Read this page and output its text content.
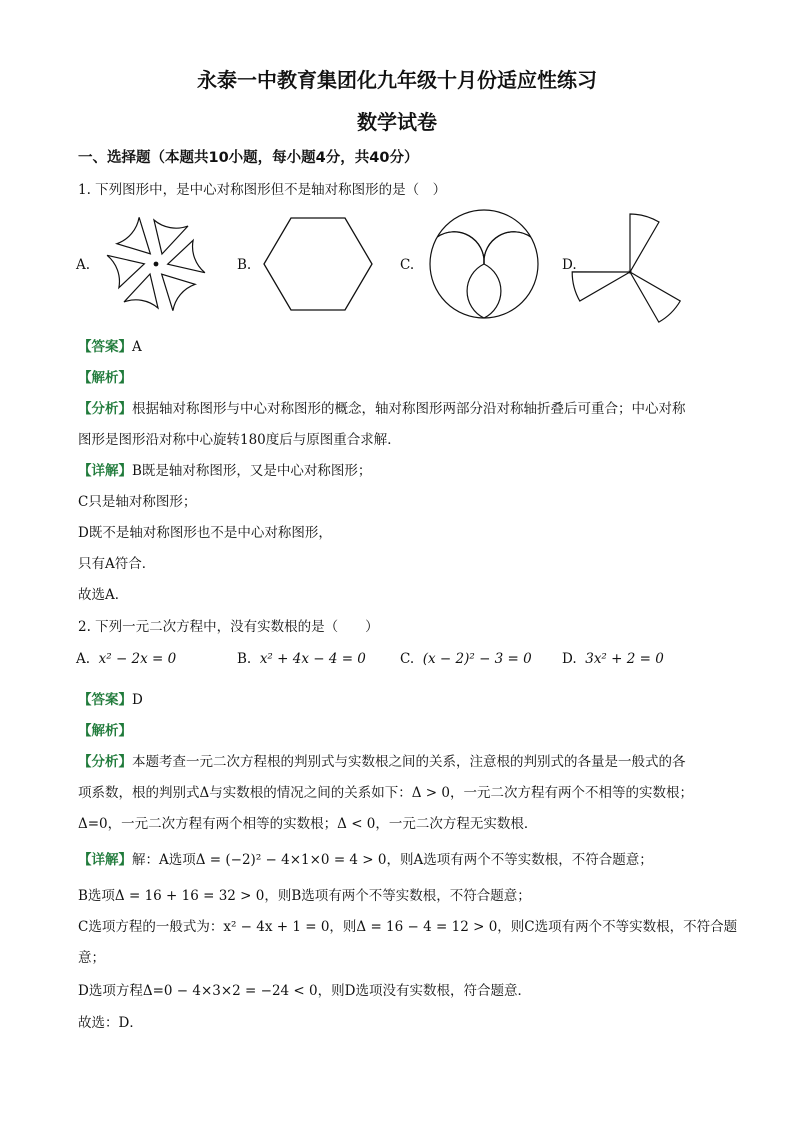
永泰一中教育集团化九年级十月份适应性练习
数学试卷
一、选择题（本题共10小题，每小题4分，共40分）
1. 下列图形中，是中心对称图形但不是轴对称图形的是（　）
A.	B.	C.	D.
【答案】A
【解析】
【分析】根据轴对称图形与中心对称图形的概念，轴对称图形两部分沿对称轴折叠后可重合；中心对称
图形是图形沿对称中心旋转180度后与原图重合求解．
【详解】B既是轴对称图形，又是中心对称图形；
C只是轴对称图形；
D既不是轴对称图形也不是中心对称图形，
只有A符合．
故选A．
2. 下列一元二次方程中，没有实数根的是（　　）
A. x² − 2x = 0	B. x² + 4x − 4 = 0	C. (x − 2)² − 3 = 0 D. 3x² + 2 = 0
【答案】D
【解析】
【分析】本题考查一元二次方程根的判别式与实数根之间的关系，注意根的判别式的各量是一般式的各
项系数，根的判别式Δ与实数根的情况之间的关系如下：Δ > 0，一元二次方程有两个不相等的实数根；
Δ=0，一元二次方程有两个相等的实数根；Δ < 0，一元二次方程无实数根．
【详解】解：A选项Δ = (−2)² − 4×1×0 = 4 > 0，则A选项有两个不等实数根，不符合题意；
B选项Δ = 16 + 16 = 32 > 0，则B选项有两个不等实数根，不符合题意；
C选项方程的一般式为：x² − 4x + 1 = 0，则Δ = 16 − 4 = 12 > 0，则C选项有两个不等实数根，不符合题
意；
D选项方程Δ=0 − 4×3×2 = −24 < 0，则D选项没有实数根，符合题意．
故选：D．
